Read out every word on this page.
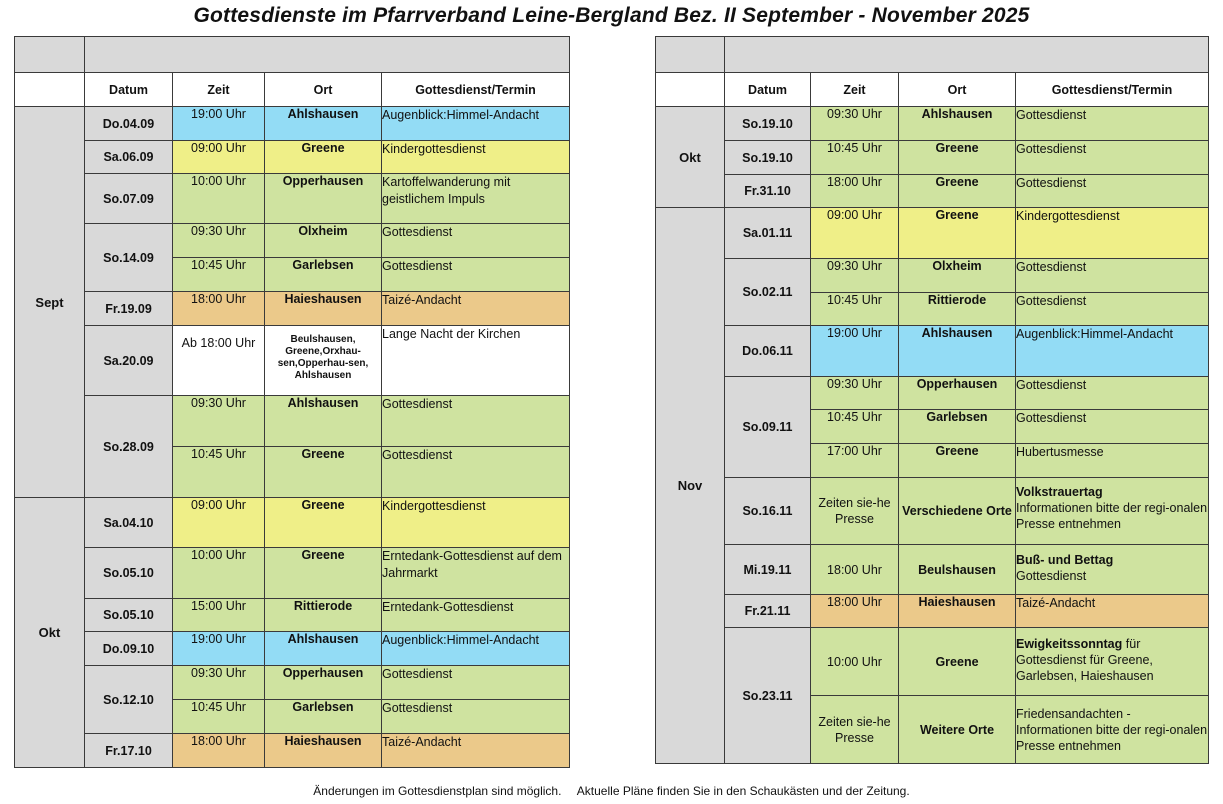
Gottesdienste im Pfarrverband Leine-Bergland Bez. II September - November 2025

	Datum	Zeit	Ort	Gottesdienst/Termin
Sept	Do.04.09	19:00 Uhr	Ahlshausen	Augenblick:Himmel-Andacht
	Sa.06.09	09:00 Uhr	Greene	Kindergottesdienst
	So.07.09	10:00 Uhr	Opperhausen	Kartoffelwanderung mit geistlichem Impuls
	So.14.09	09:30 Uhr	Olxheim	Gottesdienst
		10:45 Uhr	Garlebsen	Gottesdienst
	Fr.19.09	18:00 Uhr	Haieshausen	Taizé-Andacht
	Sa.20.09	Ab 18:00 Uhr	Beulshausen, Greene,Orxhau-sen,Opperhau-sen, Ahlshausen	Lange Nacht der Kirchen
	So.28.09	09:30 Uhr	Ahlshausen	Gottesdienst
		10:45 Uhr	Greene	Gottesdienst
Okt	Sa.04.10	09:00 Uhr	Greene	Kindergottesdienst
	So.05.10	10:00 Uhr	Greene	Erntedank-Gottesdienst auf dem Jahrmarkt
	So.05.10	15:00 Uhr	Rittierode	Erntedank-Gottesdienst
	Do.09.10	19:00 Uhr	Ahlshausen	Augenblick:Himmel-Andacht
	So.12.10	09:30 Uhr	Opperhausen	Gottesdienst
		10:45 Uhr	Garlebsen	Gottesdienst
	Fr.17.10	18:00 Uhr	Haieshausen	Taizé-Andacht

	Datum	Zeit	Ort	Gottesdienst/Termin
Okt	So.19.10	09:30 Uhr	Ahlshausen	Gottesdienst
	So.19.10	10:45 Uhr	Greene	Gottesdienst
	Fr.31.10	18:00 Uhr	Greene	Gottesdienst
Nov	Sa.01.11	09:00 Uhr	Greene	Kindergottesdienst
	So.02.11	09:30 Uhr	Olxheim	Gottesdienst
		10:45 Uhr	Rittierode	Gottesdienst
	Do.06.11	19:00 Uhr	Ahlshausen	Augenblick:Himmel-Andacht
	So.09.11	09:30 Uhr	Opperhausen	Gottesdienst
		10:45 Uhr	Garlebsen	Gottesdienst
		17:00 Uhr	Greene	Hubertusmesse
	So.16.11	Zeiten sie-he Presse	Verschiedene Orte	Volkstrauertag
Informationen bitte der regi-onalen Presse entnehmen
	Mi.19.11	18:00 Uhr	Beulshausen	Buß- und Bettag
Gottesdienst
	Fr.21.11	18:00 Uhr	Haieshausen	Taizé-Andacht
	So.23.11	10:00 Uhr	Greene	Ewigkeitssonntag für Gottesdienst für Greene, Garlebsen, Haieshausen
		Zeiten sie-he Presse	Weitere Orte	Friedensandachten - Informationen bitte der regi-onalen Presse entnehmen
Änderungen im Gottesdienstplan sind möglich. Aktuelle Pläne finden Sie in den Schaukästen und der Zeitung.
